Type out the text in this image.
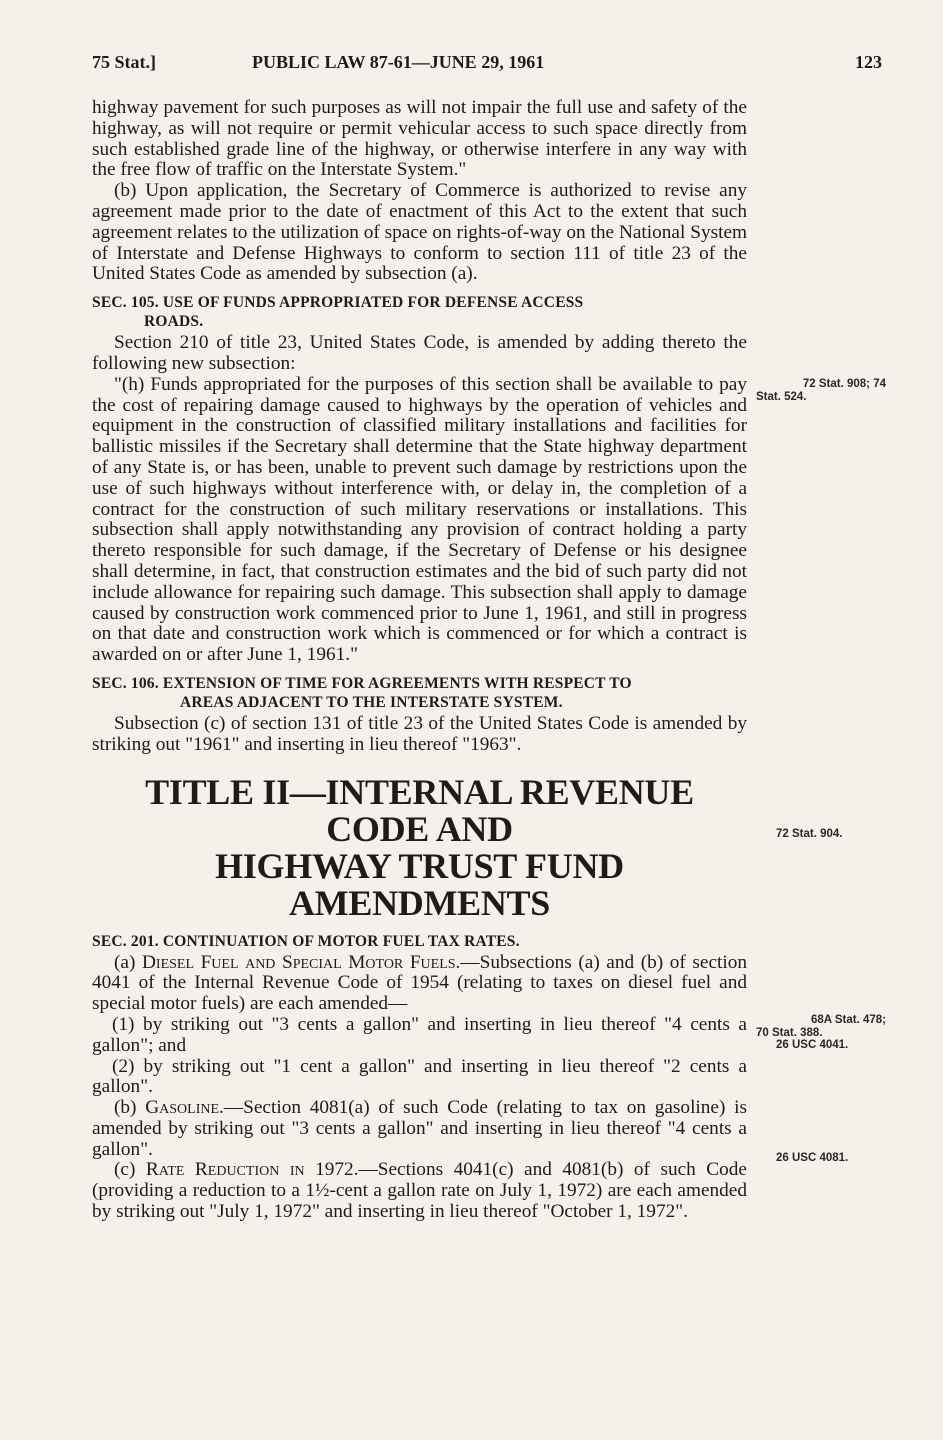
75 Stat.]	PUBLIC LAW 87-61—JUNE 29, 1961	123

highway pavement for such purposes as will not impair the full use and safety of the highway, as will not require or permit vehicular access to such space directly from such established grade line of the highway, or otherwise interfere in any way with the free flow of traffic on the Interstate System."

(b) Upon application, the Secretary of Commerce is authorized to revise any agreement made prior to the date of enactment of this Act to the extent that such agreement relates to the utilization of space on rights-of-way on the National System of Interstate and Defense Highways to conform to section 111 of title 23 of the United States Code as amended by subsection (a).

SEC. 105. USE OF FUNDS APPROPRIATED FOR DEFENSE ACCESS
ROADS.

Section 210 of title 23, United States Code, is amended by adding thereto the following new subsection:

"(h) Funds appropriated for the purposes of this section shall be available to pay the cost of repairing damage caused to highways by the operation of vehicles and equipment in the construction of classified military installations and facilities for ballistic missiles if the Secretary shall determine that the State highway department of any State is, or has been, unable to prevent such damage by restrictions upon the use of such highways without interference with, or delay in, the completion of a contract for the construction of such military reservations or installations. This subsection shall apply notwithstanding any provision of contract holding a party thereto responsible for such damage, if the Secretary of Defense or his designee shall determine, in fact, that construction estimates and the bid of such party did not include allowance for repairing such damage. This subsection shall apply to damage caused by construction work commenced prior to June 1, 1961, and still in progress on that date and construction work which is commenced or for which a contract is awarded on or after June 1, 1961."

SEC. 106. EXTENSION OF TIME FOR AGREEMENTS WITH RESPECT TO
AREAS ADJACENT TO THE INTERSTATE SYSTEM.

Subsection (c) of section 131 of title 23 of the United States Code is amended by striking out "1961" and inserting in lieu thereof "1963".

TITLE II—INTERNAL REVENUE CODE AND
HIGHWAY TRUST FUND AMENDMENTS
SEC. 201. CONTINUATION OF MOTOR FUEL TAX RATES.

(a) Diesel Fuel and Special Motor Fuels.—Subsections (a) and (b) of section 4041 of the Internal Revenue Code of 1954 (relating to taxes on diesel fuel and special motor fuels) are each amended—

(1) by striking out "3 cents a gallon" and inserting in lieu thereof "4 cents a gallon"; and

(2) by striking out "1 cent a gallon" and inserting in lieu thereof "2 cents a gallon".

(b) Gasoline.—Section 4081(a) of such Code (relating to tax on gasoline) is amended by striking out "3 cents a gallon" and inserting in lieu thereof "4 cents a gallon".

(c) Rate Reduction in 1972.—Sections 4041(c) and 4081(b) of such Code (providing a reduction to a 1½-cent a gallon rate on July 1, 1972) are each amended by striking out "July 1, 1972" and inserting in lieu thereof "October 1, 1972".

72 Stat. 908; 74
Stat. 524.
72 Stat. 904.
68A Stat. 478;
70 Stat. 388.
26 USC 4041.
26 USC 4081.
